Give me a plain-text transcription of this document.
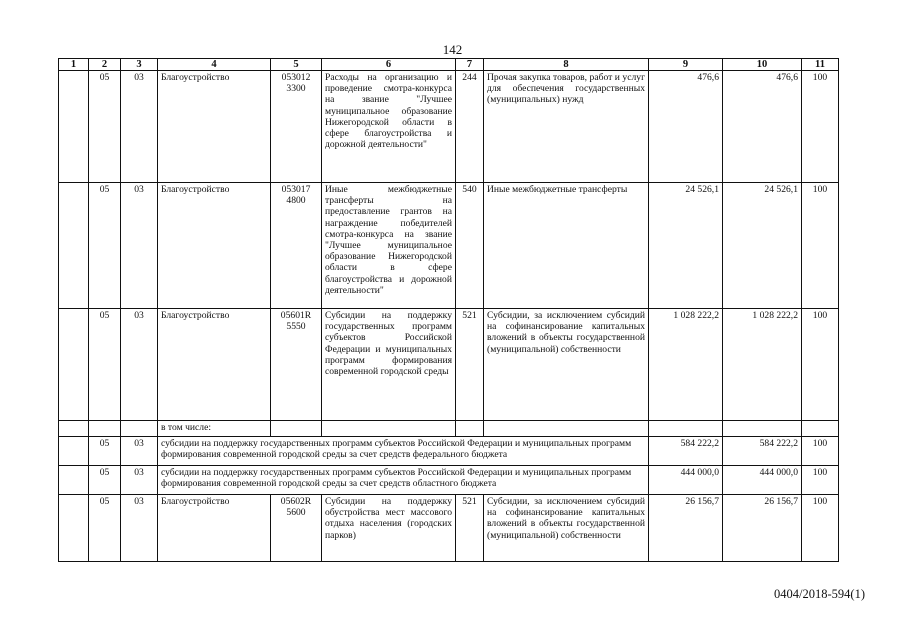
142
1	2	3	4	5	6	7	8	9	10	11
	05	03	Благоустройство	053012 3300	Расходы на организацию и проведение смотра-конкурса на звание "Лучшее муниципальное образование Нижегородской области в сфере благоустройства и дорожной деятельности"	244	Прочая закупка товаров, работ и услуг для обеспечения государственных (муниципальных) нужд	476,6	476,6	100
	05	03	Благоустройство	053017 4800	Иные межбюджетные трансферты на предоставление грантов на награждение победителей смотра-конкурса на звание "Лучшее муниципальное образование Нижегородской области в сфере благоустройства и дорожной деятельности"	540	Иные межбюджетные трансферты	24 526,1	24 526,1	100
	05	03	Благоустройство	05601R 5550	Субсидии на поддержку государственных программ субъектов Российской Федерации и муниципальных программ формирования современной городской среды	521	Субсидии, за исключением субсидий на софинансирование капитальных вложений в объекты государственной (муниципальной) собственности	1 028 222,2	1 028 222,2	100
			в том числе:							
	05	03	субсидии на поддержку государственных программ субъектов Российской Федерации и муниципальных программ формирования современной городской среды за счет средств федерального бюджета					584 222,2	584 222,2	100
	05	03	субсидии на поддержку государственных программ субъектов Российской Федерации и муниципальных программ формирования современной городской среды за счет средств областного бюджета					444 000,0	444 000,0	100
	05	03	Благоустройство	05602R 5600	Субсидии на поддержку обустройства мест массового отдыха населения (городских парков)	521	Субсидии, за исключением субсидий на софинансирование капитальных вложений в объекты государственной (муниципальной) собственности	26 156,7	26 156,7	100
0404/2018-594(1)
